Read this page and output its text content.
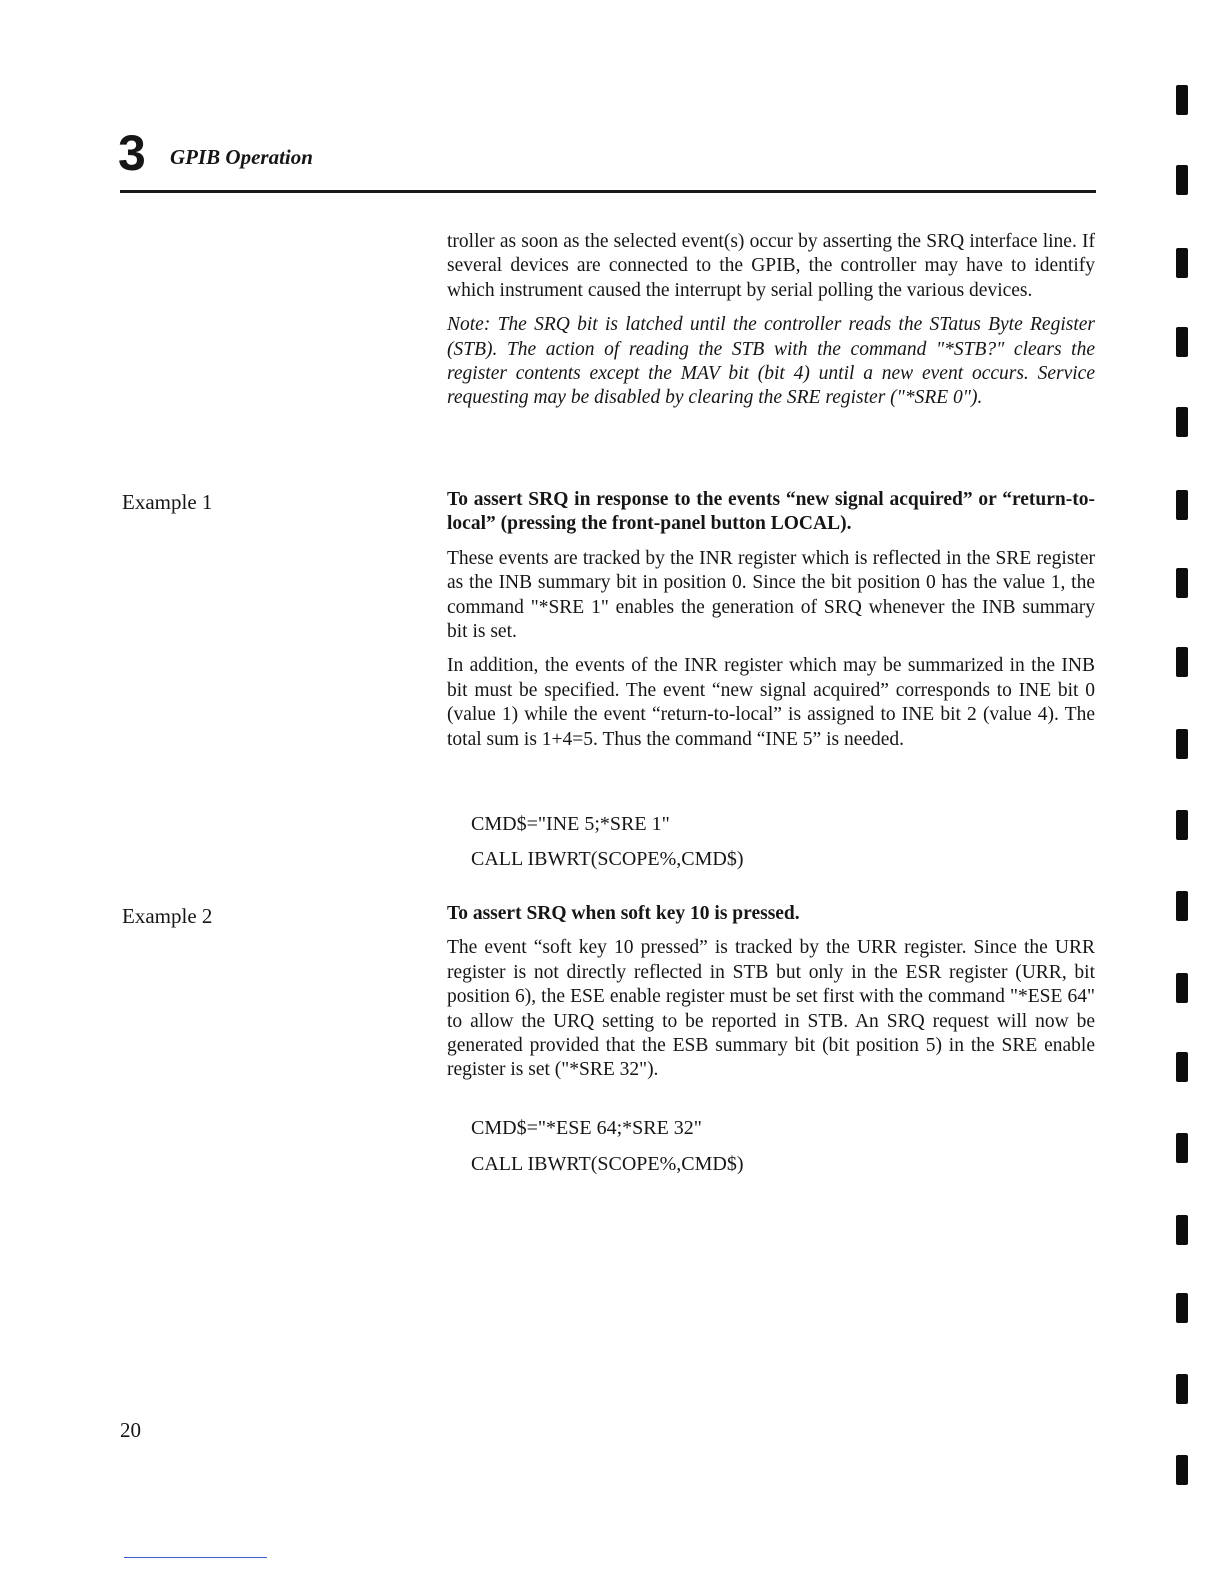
3 GPIB Operation

troller as soon as the selected event(s) occur by asserting the SRQ interface line. If several devices are connected to the GPIB, the controller may have to identify which instrument caused the interrupt by serial polling the various devices.

Note: The SRQ bit is latched until the controller reads the STatus Byte Register (STB). The action of reading the STB with the command "*STB?" clears the register contents except the MAV bit (bit 4) until a new event occurs. Service requesting may be disabled by clearing the SRE register ("*SRE 0").

Example 1	To assert SRQ in response to the events “new signal acquired” or “return-to-local” (pressing the front-panel button LOCAL).

These events are tracked by the INR register which is reflected in the SRE register as the INB summary bit in position 0. Since the bit position 0 has the value 1, the command "*SRE 1" enables the generation of SRQ whenever the INB summary bit is set.

In addition, the events of the INR register which may be summarized in the INB bit must be specified. The event “new signal acquired” corresponds to INE bit 0 (value 1) while the event “return-to-local” is assigned to INE bit 2 (value 4). The total sum is 1+4=5. Thus the command “INE 5” is needed.

CMD$="INE 5;*SRE 1"
CALL IBWRT(SCOPE%,CMD$)
Example 2	To assert SRQ when soft key 10 is pressed.

The event “soft key 10 pressed” is tracked by the URR register. Since the URR register is not directly reflected in STB but only in the ESR register (URR, bit position 6), the ESE enable register must be set first with the command "*ESE 64" to allow the URQ setting to be reported in STB. An SRQ request will now be generated provided that the ESB summary bit (bit position 5) in the SRE enable register is set ("*SRE 32").

CMD$="*ESE 64;*SRE 32"
CALL IBWRT(SCOPE%,CMD$)
20
